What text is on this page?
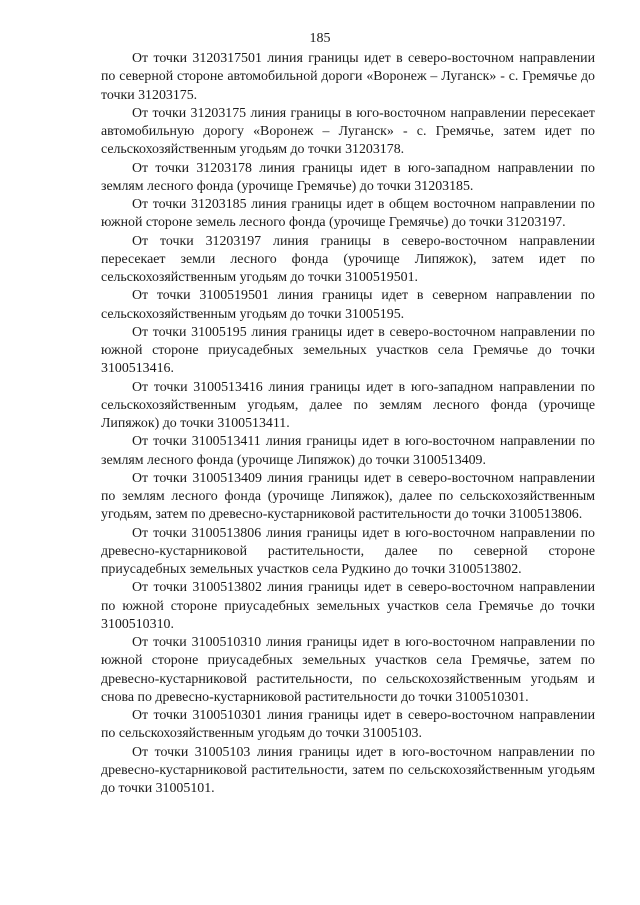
185

От точки 3120317501 линия границы идет в северо-восточном направлении по северной стороне автомобильной дороги «Воронеж – Луганск» - с. Гремячье до точки 31203175.

От точки 31203175 линия границы в юго-восточном направлении пересекает автомобильную дорогу «Воронеж – Луганск» - с. Гремячье, затем идет по сельскохозяйственным угодьям до точки 31203178.

От точки 31203178 линия границы идет в юго-западном направлении по землям лесного фонда (урочище Гремячье) до точки 31203185.

От точки 31203185 линия границы идет в общем восточном направлении по южной стороне земель лесного фонда (урочище Гремячье) до точки 31203197.

От точки 31203197 линия границы в северо-восточном направлении пересекает земли лесного фонда (урочище Липяжок), затем идет по сельскохозяйственным угодьям до точки 3100519501.

От точки 3100519501 линия границы идет в северном направлении по сельскохозяйственным угодьям до точки 31005195.

От точки 31005195 линия границы идет в северо-восточном направлении по южной стороне приусадебных земельных участков села Гремячье до точки 3100513416.

От точки 3100513416 линия границы идет в юго-западном направлении по сельскохозяйственным угодьям, далее по землям лесного фонда (урочище Липяжок) до точки 3100513411.

От точки 3100513411 линия границы идет в юго-восточном направлении по землям лесного фонда (урочище Липяжок) до точки 3100513409.

От точки 3100513409 линия границы идет в северо-восточном направлении по землям лесного фонда (урочище Липяжок), далее по сельскохозяйственным угодьям, затем по древесно-кустарниковой растительности до точки 3100513806.

От точки 3100513806 линия границы идет в юго-восточном направлении по древесно-кустарниковой растительности, далее по северной стороне приусадебных земельных участков села Рудкино до точки 3100513802.

От точки 3100513802 линия границы идет в северо-восточном направлении по южной стороне приусадебных земельных участков села Гремячье до точки 3100510310.

От точки 3100510310 линия границы идет в юго-восточном направлении по южной стороне приусадебных земельных участков села Гремячье, затем по древесно-кустарниковой растительности, по сельскохозяйственным угодьям и снова по древесно-кустарниковой растительности до точки 3100510301.

От точки 3100510301 линия границы идет в северо-восточном направлении по сельскохозяйственным угодьям до точки 31005103.

От точки 31005103 линия границы идет в юго-восточном направлении по древесно-кустарниковой растительности, затем по сельскохозяйственным угодьям до точки 31005101.
